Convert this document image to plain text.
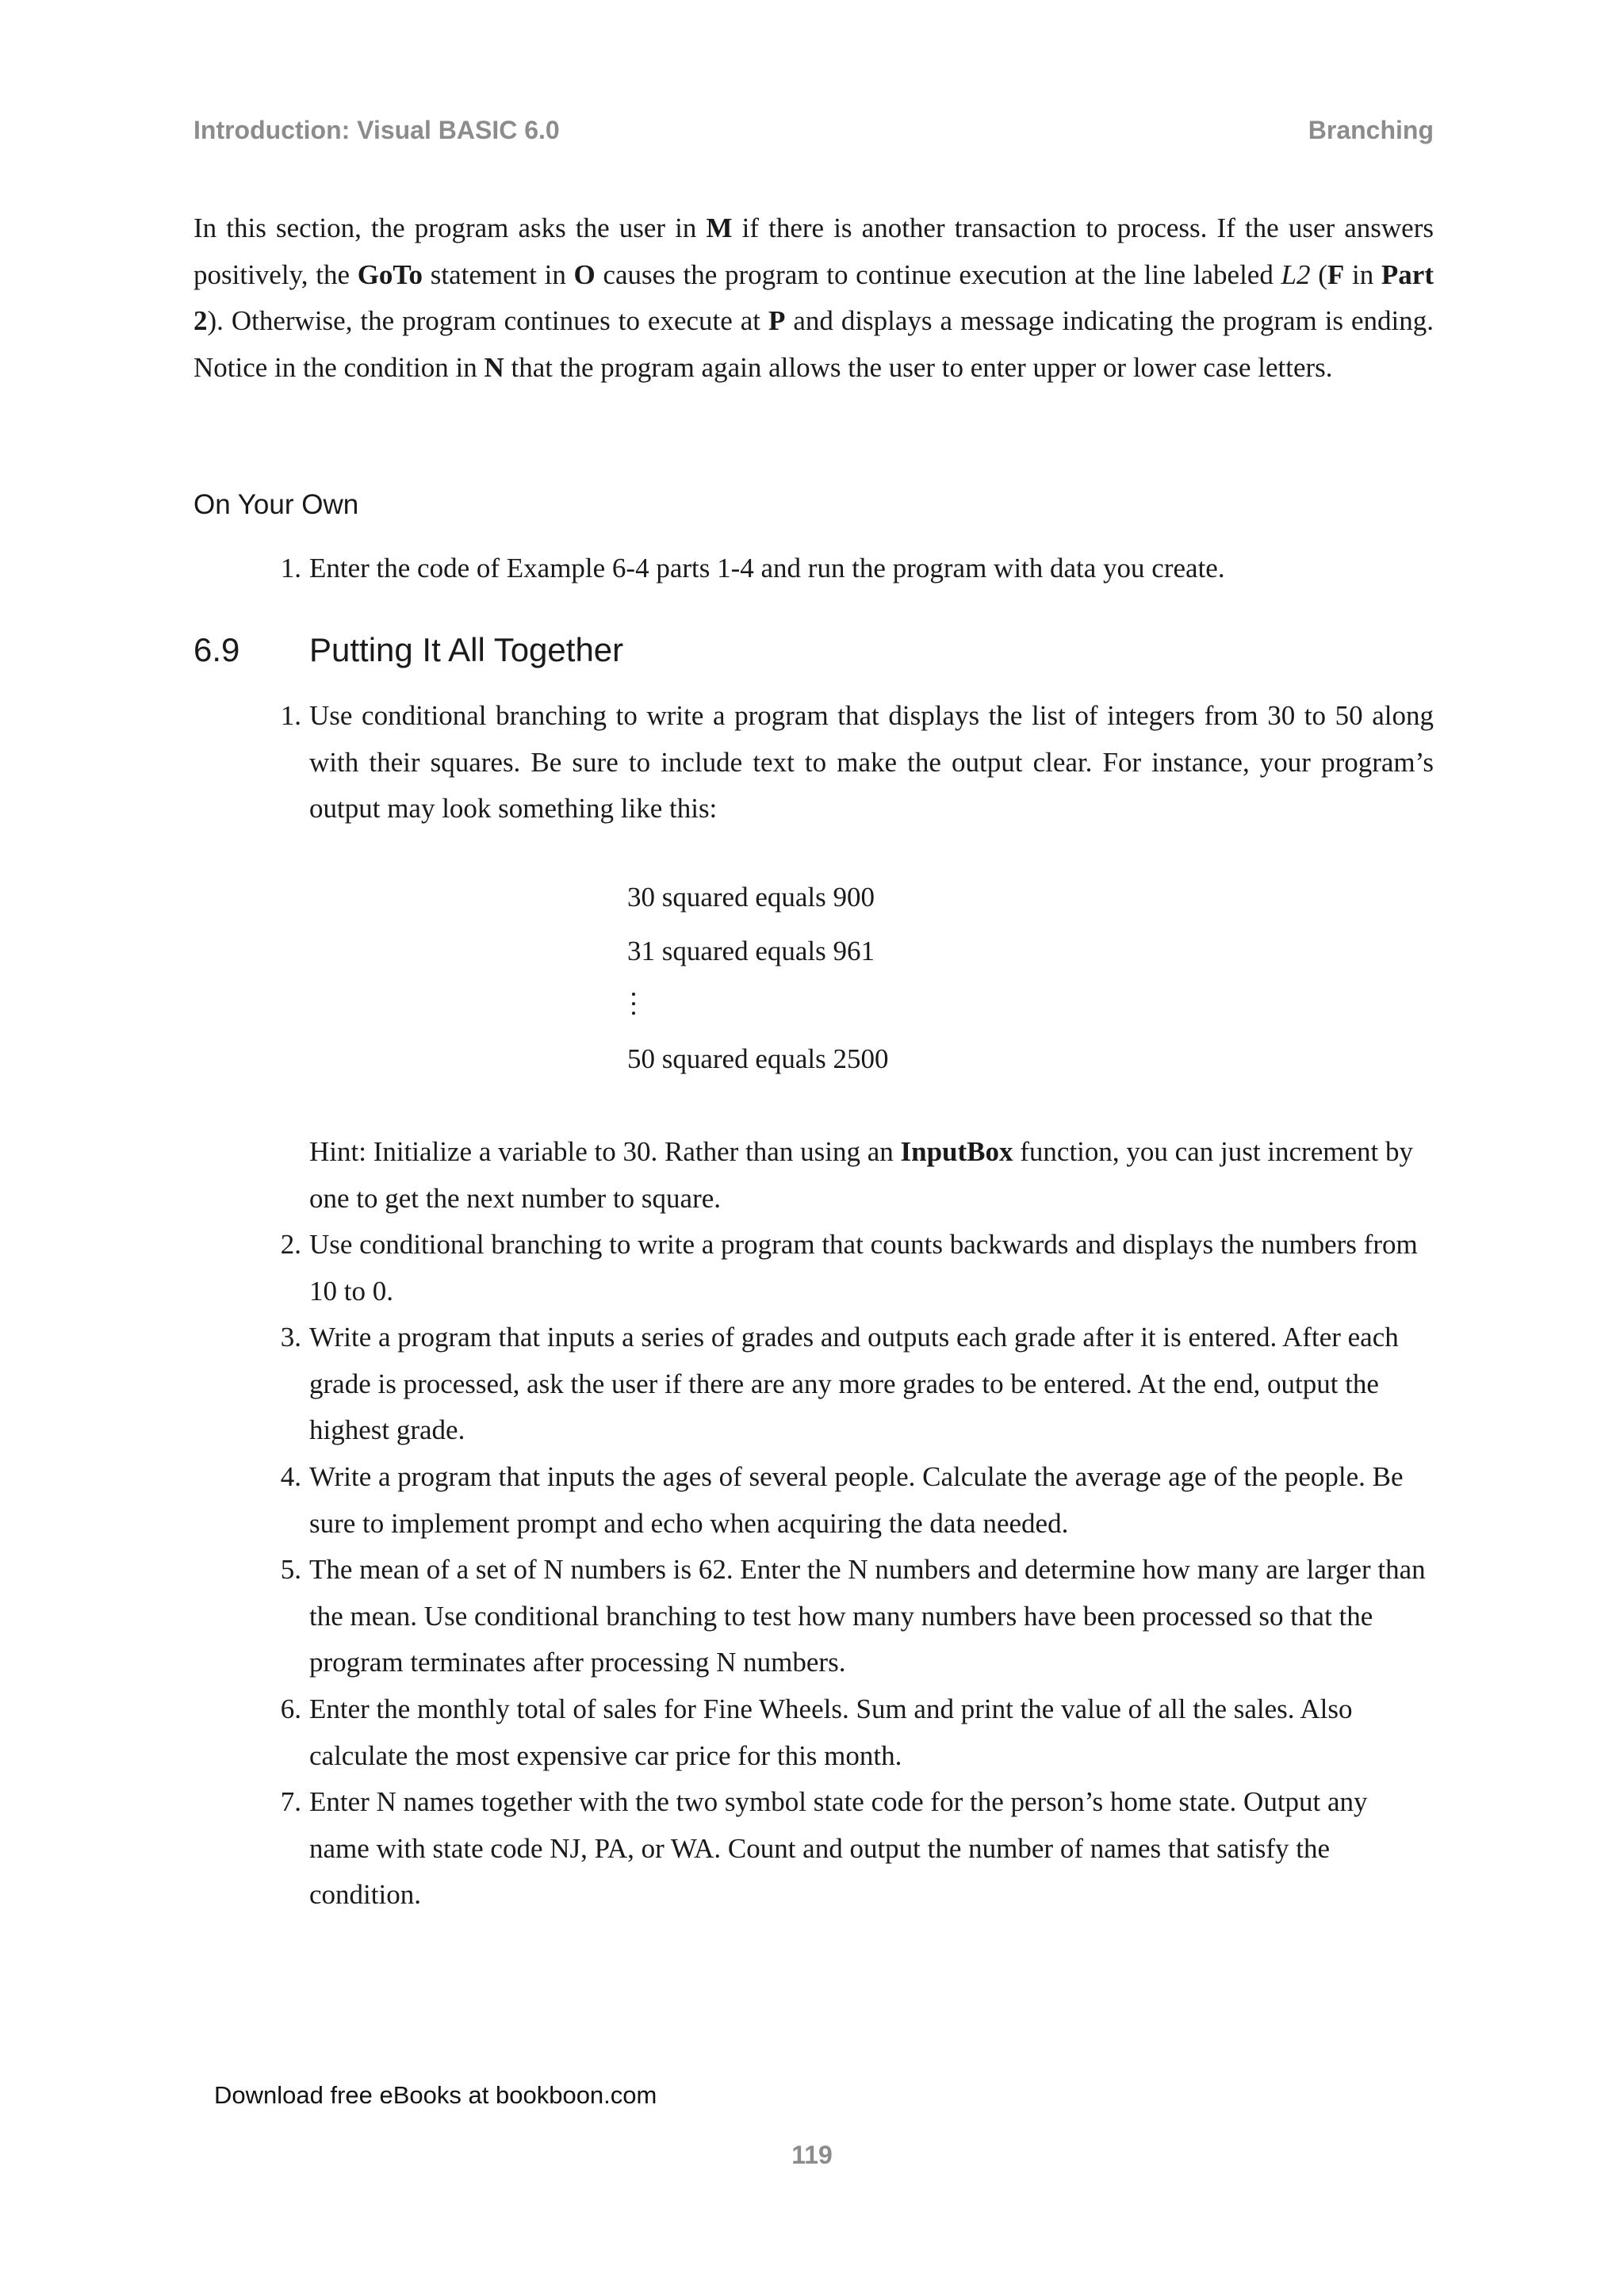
Introduction: Visual BASIC 6.0	Branching

In this section, the program asks the user in M if there is another transaction to process. If the user answers positively, the GoTo statement in O causes the program to continue execution at the line labeled L2 (F in Part 2). Otherwise, the program continues to execute at P and displays a message indicating the program is ending. Notice in the condition in N that the program again allows the user to enter upper or lower case letters.

On Your Own
1. Enter the code of Example 6-4 parts 1-4 and run the program with data you create.
6.9 Putting It All Together
1. Use conditional branching to write a program that displays the list of integers from 30 to 50 along with their squares. Be sure to include text to make the output clear. For instance, your program’s output may look something like this:
30 squared equals 900
31 squared equals 961
50 squared equals 2500

Hint: Initialize a variable to 30. Rather than using an InputBox function, you can just increment by one to get the next number to square.

2. Use conditional branching to write a program that counts backwards and displays the numbers from 10 to 0.
3. Write a program that inputs a series of grades and outputs each grade after it is entered. After each grade is processed, ask the user if there are any more grades to be entered. At the end, output the highest grade.
4. Write a program that inputs the ages of several people. Calculate the average age of the people. Be sure to implement prompt and echo when acquiring the data needed.
5. The mean of a set of N numbers is 62. Enter the N numbers and determine how many are larger than the mean. Use conditional branching to test how many numbers have been processed so that the program terminates after processing N numbers.
6. Enter the monthly total of sales for Fine Wheels. Sum and print the value of all the sales. Also calculate the most expensive car price for this month.
7. Enter N names together with the two symbol state code for the person’s home state. Output any name with state code NJ, PA, or WA. Count and output the number of names that satisfy the condition.
Download free eBooks at bookboon.com
119
